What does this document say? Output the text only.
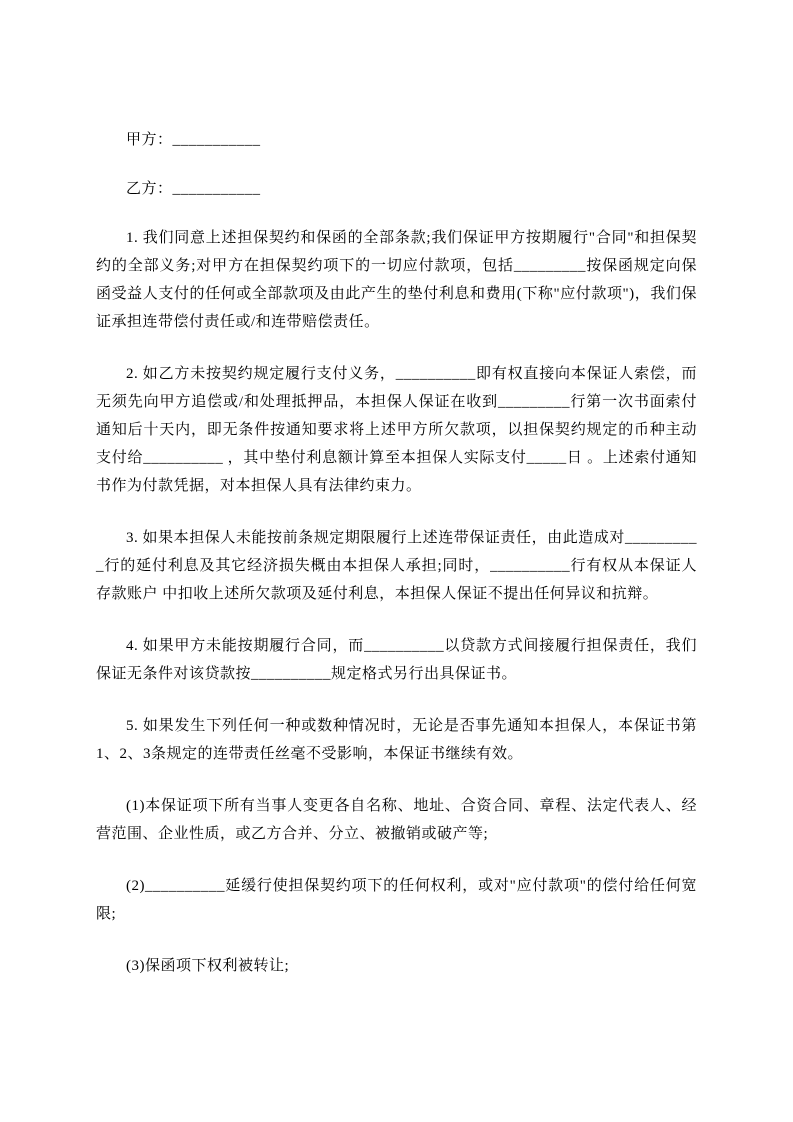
甲方：___________

乙方：___________

1. 我们同意上述担保契约和保函的全部条款;我们保证甲方按期履行"合同"和担保契约的全部义务;对甲方在担保契约项下的一切应付款项，包括_________按保函规定向保函受益人支付的任何或全部款项及由此产生的垫付利息和费用(下称"应付款项")，我们保证承担连带偿付责任或/和连带赔偿责任。

2. 如乙方未按契约规定履行支付义务，__________即有权直接向本保证人索偿，而无须先向甲方追偿或/和处理抵押品，本担保人保证在收到_________行第一次书面索付通知后十天内，即无条件按通知要求将上述甲方所欠款项，以担保契约规定的币种主动支付给__________ ，其中垫付利息额计算至本担保人实际支付_____日 。上述索付通知书作为付款凭据，对本担保人具有法律约束力。

3. 如果本担保人未能按前条规定期限履行上述连带保证责任，由此造成对__________行的延付利息及其它经济损失概由本担保人承担;同时，__________行有权从本保证人存款账户 中扣收上述所欠款项及延付利息，本担保人保证不提出任何异议和抗辩。

4. 如果甲方未能按期履行合同，而__________以贷款方式间接履行担保责任，我们保证无条件对该贷款按__________规定格式另行出具保证书。

5. 如果发生下列任何一种或数种情况时，无论是否事先通知本担保人，本保证书第1、2、3条规定的连带责任丝毫不受影响，本保证书继续有效。

(1)本保证项下所有当事人变更各自名称、地址、合资合同、章程、法定代表人、经营范围、企业性质，或乙方合并、分立、被撤销或破产等;

(2)__________延缓行使担保契约项下的任何权利，或对"应付款项"的偿付给任何宽限;

(3)保函项下权利被转让;
